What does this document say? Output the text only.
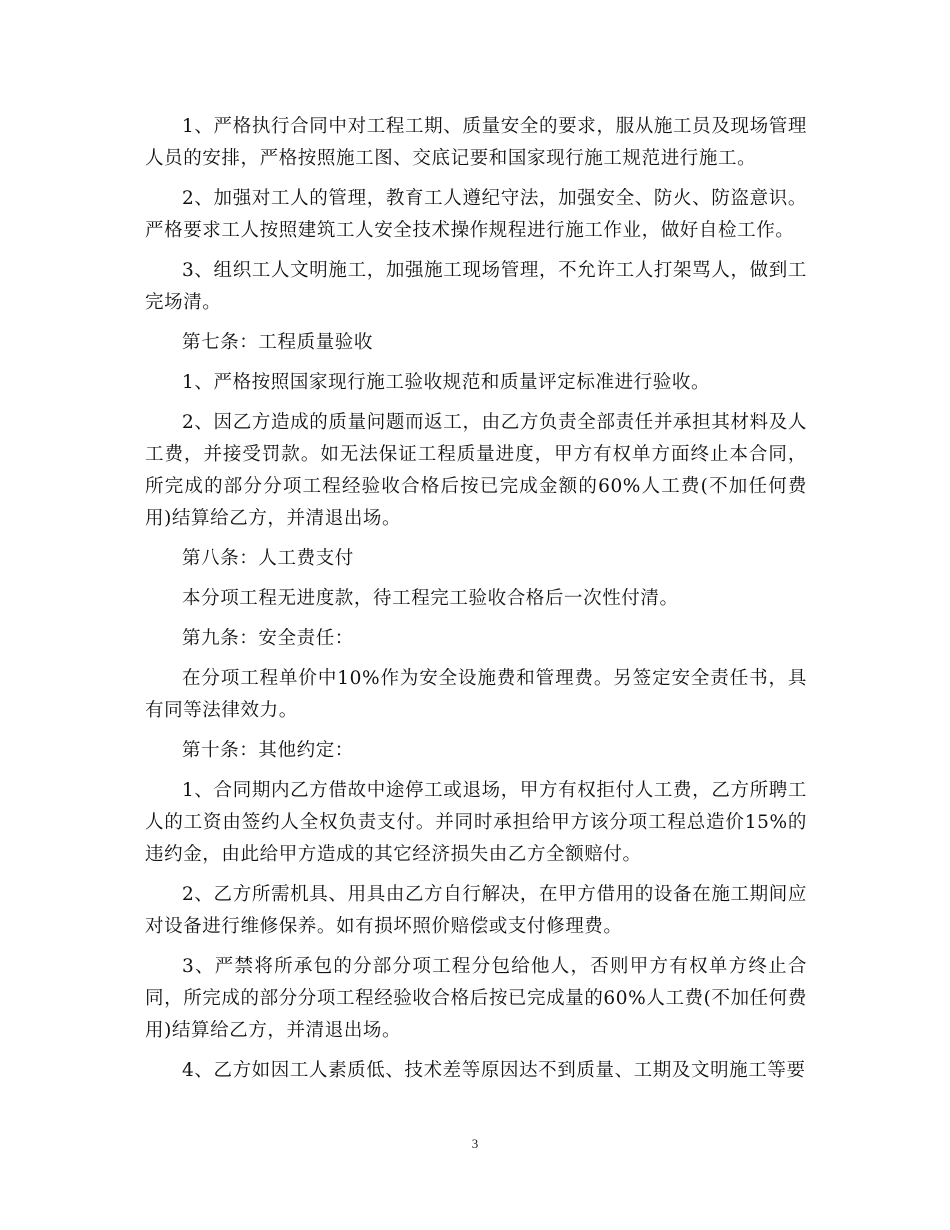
1、严格执行合同中对工程工期、质量安全的要求，服从施工员及现场管理人员的安排，严格按照施工图、交底记要和国家现行施工规范进行施工。

2、加强对工人的管理，教育工人遵纪守法，加强安全、防火、防盗意识。严格要求工人按照建筑工人安全技术操作规程进行施工作业，做好自检工作。

3、组织工人文明施工，加强施工现场管理，不允许工人打架骂人，做到工完场清。

第七条：工程质量验收

1、严格按照国家现行施工验收规范和质量评定标准进行验收。

2、因乙方造成的质量问题而返工，由乙方负责全部责任并承担其材料及人工费，并接受罚款。如无法保证工程质量进度，甲方有权单方面终止本合同，所完成的部分分项工程经验收合格后按已完成金额的60%人工费(不加任何费用)结算给乙方，并清退出场。

第八条：人工费支付

本分项工程无进度款，待工程完工验收合格后一次性付清。

第九条：安全责任：

在分项工程单价中10%作为安全设施费和管理费。另签定安全责任书，具有同等法律效力。

第十条：其他约定：

1、合同期内乙方借故中途停工或退场，甲方有权拒付人工费，乙方所聘工人的工资由签约人全权负责支付。并同时承担给甲方该分项工程总造价15%的违约金，由此给甲方造成的其它经济损失由乙方全额赔付。

2、乙方所需机具、用具由乙方自行解决，在甲方借用的设备在施工期间应对设备进行维修保养。如有损坏照价赔偿或支付修理费。

3、严禁将所承包的分部分项工程分包给他人，否则甲方有权单方终止合同，所完成的部分分项工程经验收合格后按已完成量的60%人工费(不加任何费用)结算给乙方，并清退出场。

4、乙方如因工人素质低、技术差等原因达不到质量、工期及文明施工等要

3
